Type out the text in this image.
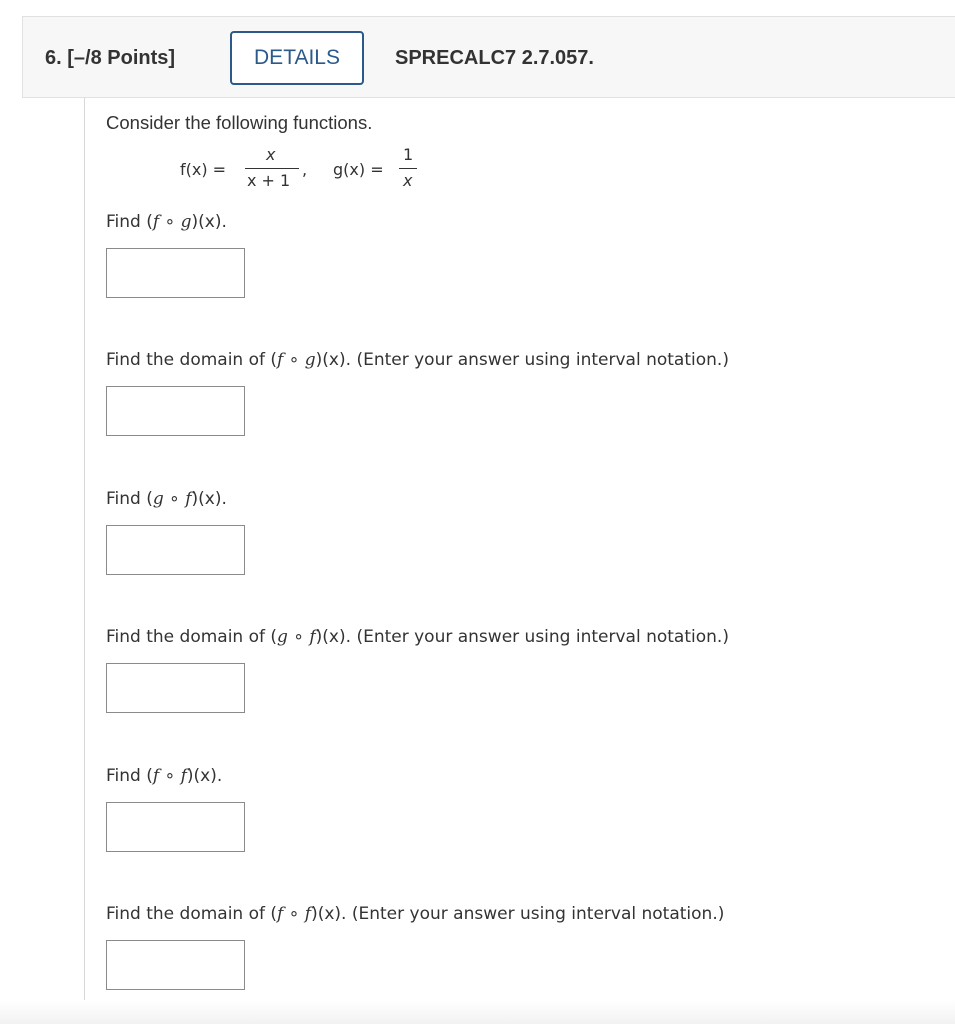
6. [–/8 Points]	DETAILS	SPRECALC7 2.7.057.
Consider the following functions.
f(x) =
x
x + 1
, g(x) =
1
x
Find (f ∘ g)(x).
Find the domain of (f ∘ g)(x). (Enter your answer using interval notation.)
Find (g ∘ f)(x).
Find the domain of (g ∘ f)(x). (Enter your answer using interval notation.)
Find (f ∘ f)(x).
Find the domain of (f ∘ f)(x). (Enter your answer using interval notation.)
